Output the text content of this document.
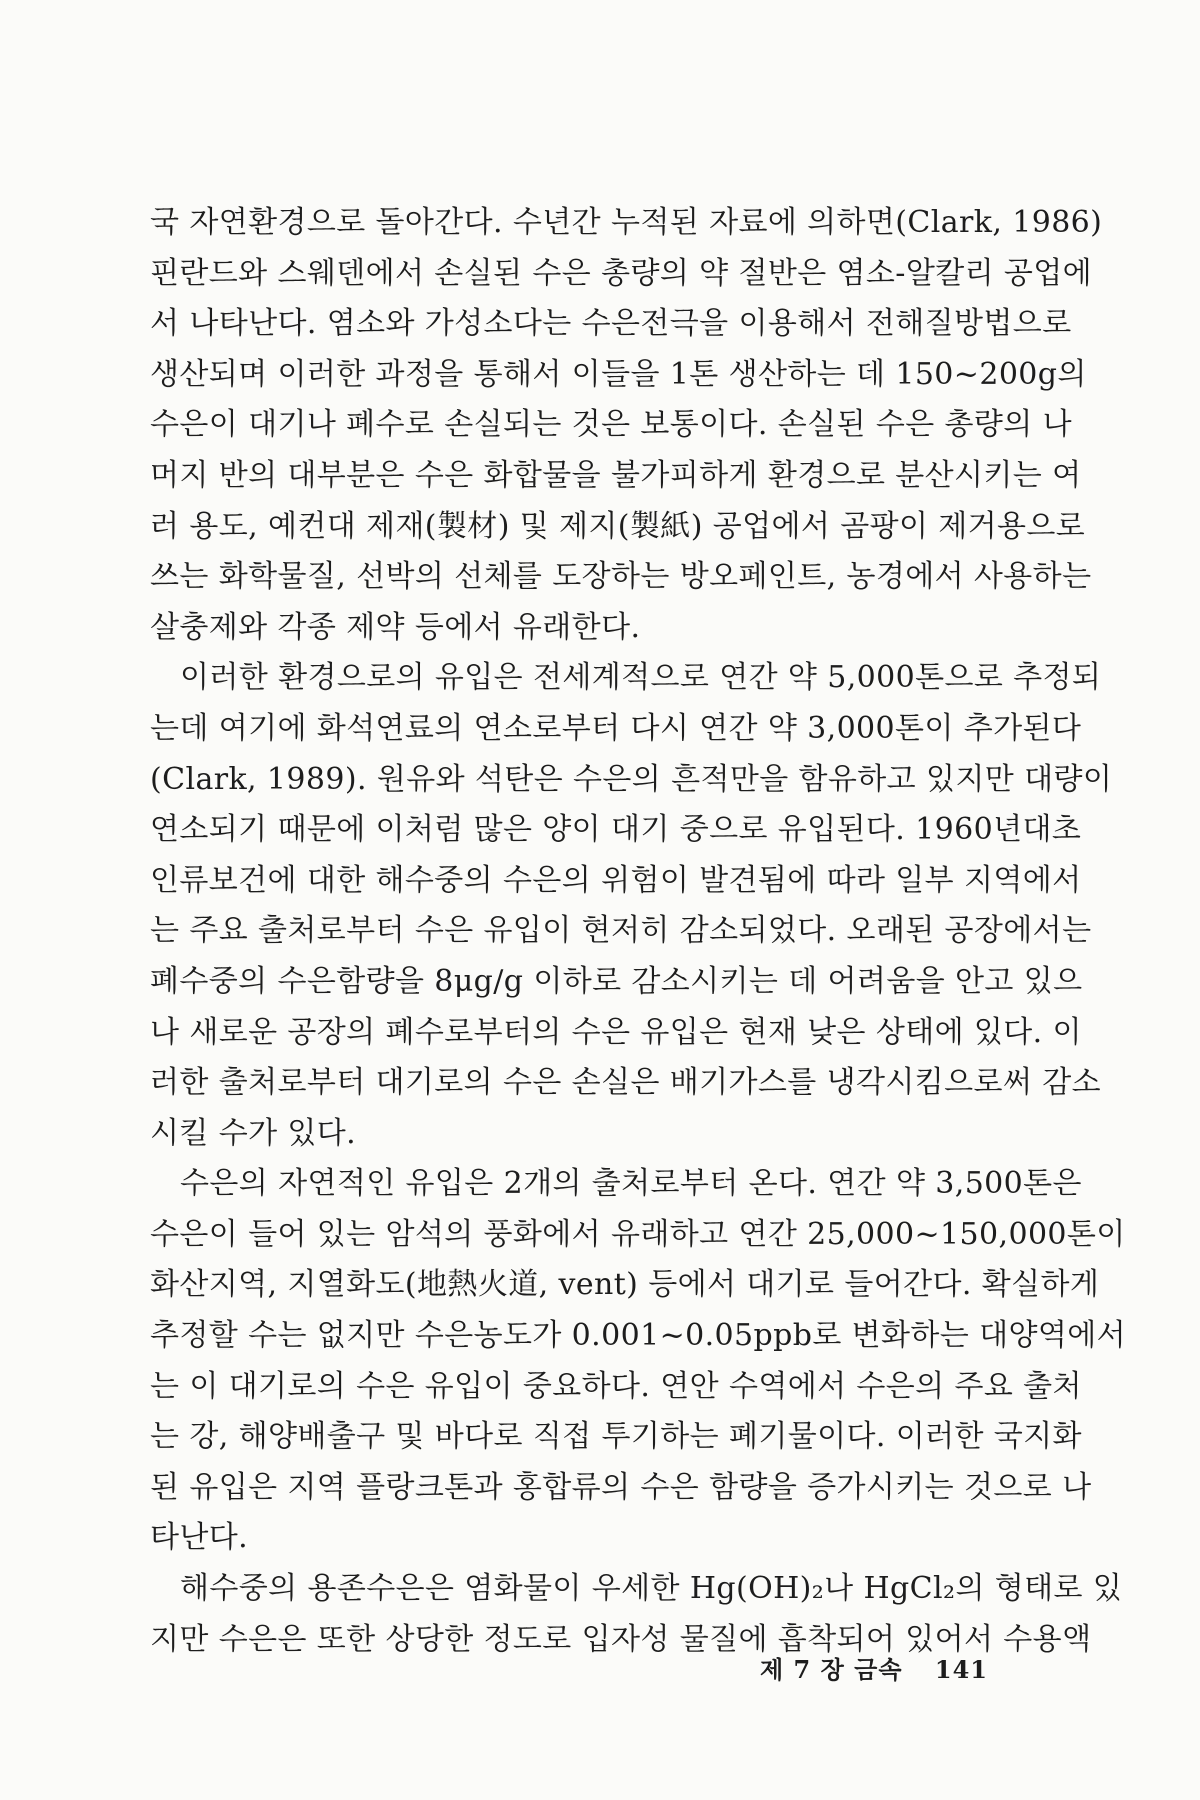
국 자연환경으로 돌아간다. 수년간 누적된 자료에 의하면(Clark, 1986)
핀란드와 스웨덴에서 손실된 수은 총량의 약 절반은 염소-알칼리 공업에
서 나타난다. 염소와 가성소다는 수은전극을 이용해서 전해질방법으로
생산되며 이러한 과정을 통해서 이들을 1톤 생산하는 데 150~200g의
수은이 대기나 폐수로 손실되는 것은 보통이다. 손실된 수은 총량의 나
머지 반의 대부분은 수은 화합물을 불가피하게 환경으로 분산시키는 여
러 용도, 예컨대 제재(製材) 및 제지(製紙) 공업에서 곰팡이 제거용으로
쓰는 화학물질, 선박의 선체를 도장하는 방오페인트, 농경에서 사용하는
살충제와 각종 제약 등에서 유래한다.
이러한 환경으로의 유입은 전세계적으로 연간 약 5,000톤으로 추정되
는데 여기에 화석연료의 연소로부터 다시 연간 약 3,000톤이 추가된다
(Clark, 1989). 원유와 석탄은 수은의 흔적만을 함유하고 있지만 대량이
연소되기 때문에 이처럼 많은 양이 대기 중으로 유입된다. 1960년대초
인류보건에 대한 해수중의 수은의 위험이 발견됨에 따라 일부 지역에서
는 주요 출처로부터 수은 유입이 현저히 감소되었다. 오래된 공장에서는
폐수중의 수은함량을 8μg/g 이하로 감소시키는 데 어려움을 안고 있으
나 새로운 공장의 폐수로부터의 수은 유입은 현재 낮은 상태에 있다. 이
러한 출처로부터 대기로의 수은 손실은 배기가스를 냉각시킴으로써 감소
시킬 수가 있다.
수은의 자연적인 유입은 2개의 출처로부터 온다. 연간 약 3,500톤은
수은이 들어 있는 암석의 풍화에서 유래하고 연간 25,000~150,000톤이
화산지역, 지열화도(地熱火道, vent) 등에서 대기로 들어간다. 확실하게
추정할 수는 없지만 수은농도가 0.001~0.05ppb로 변화하는 대양역에서
는 이 대기로의 수은 유입이 중요하다. 연안 수역에서 수은의 주요 출처
는 강, 해양배출구 및 바다로 직접 투기하는 폐기물이다. 이러한 국지화
된 유입은 지역 플랑크톤과 홍합류의 수은 함량을 증가시키는 것으로 나
타난다.
해수중의 용존수은은 염화물이 우세한 Hg(OH)₂나 HgCl₂의 형태로 있
지만 수은은 또한 상당한 정도로 입자성 물질에 흡착되어 있어서 수용액
제 7 장 금속 141
